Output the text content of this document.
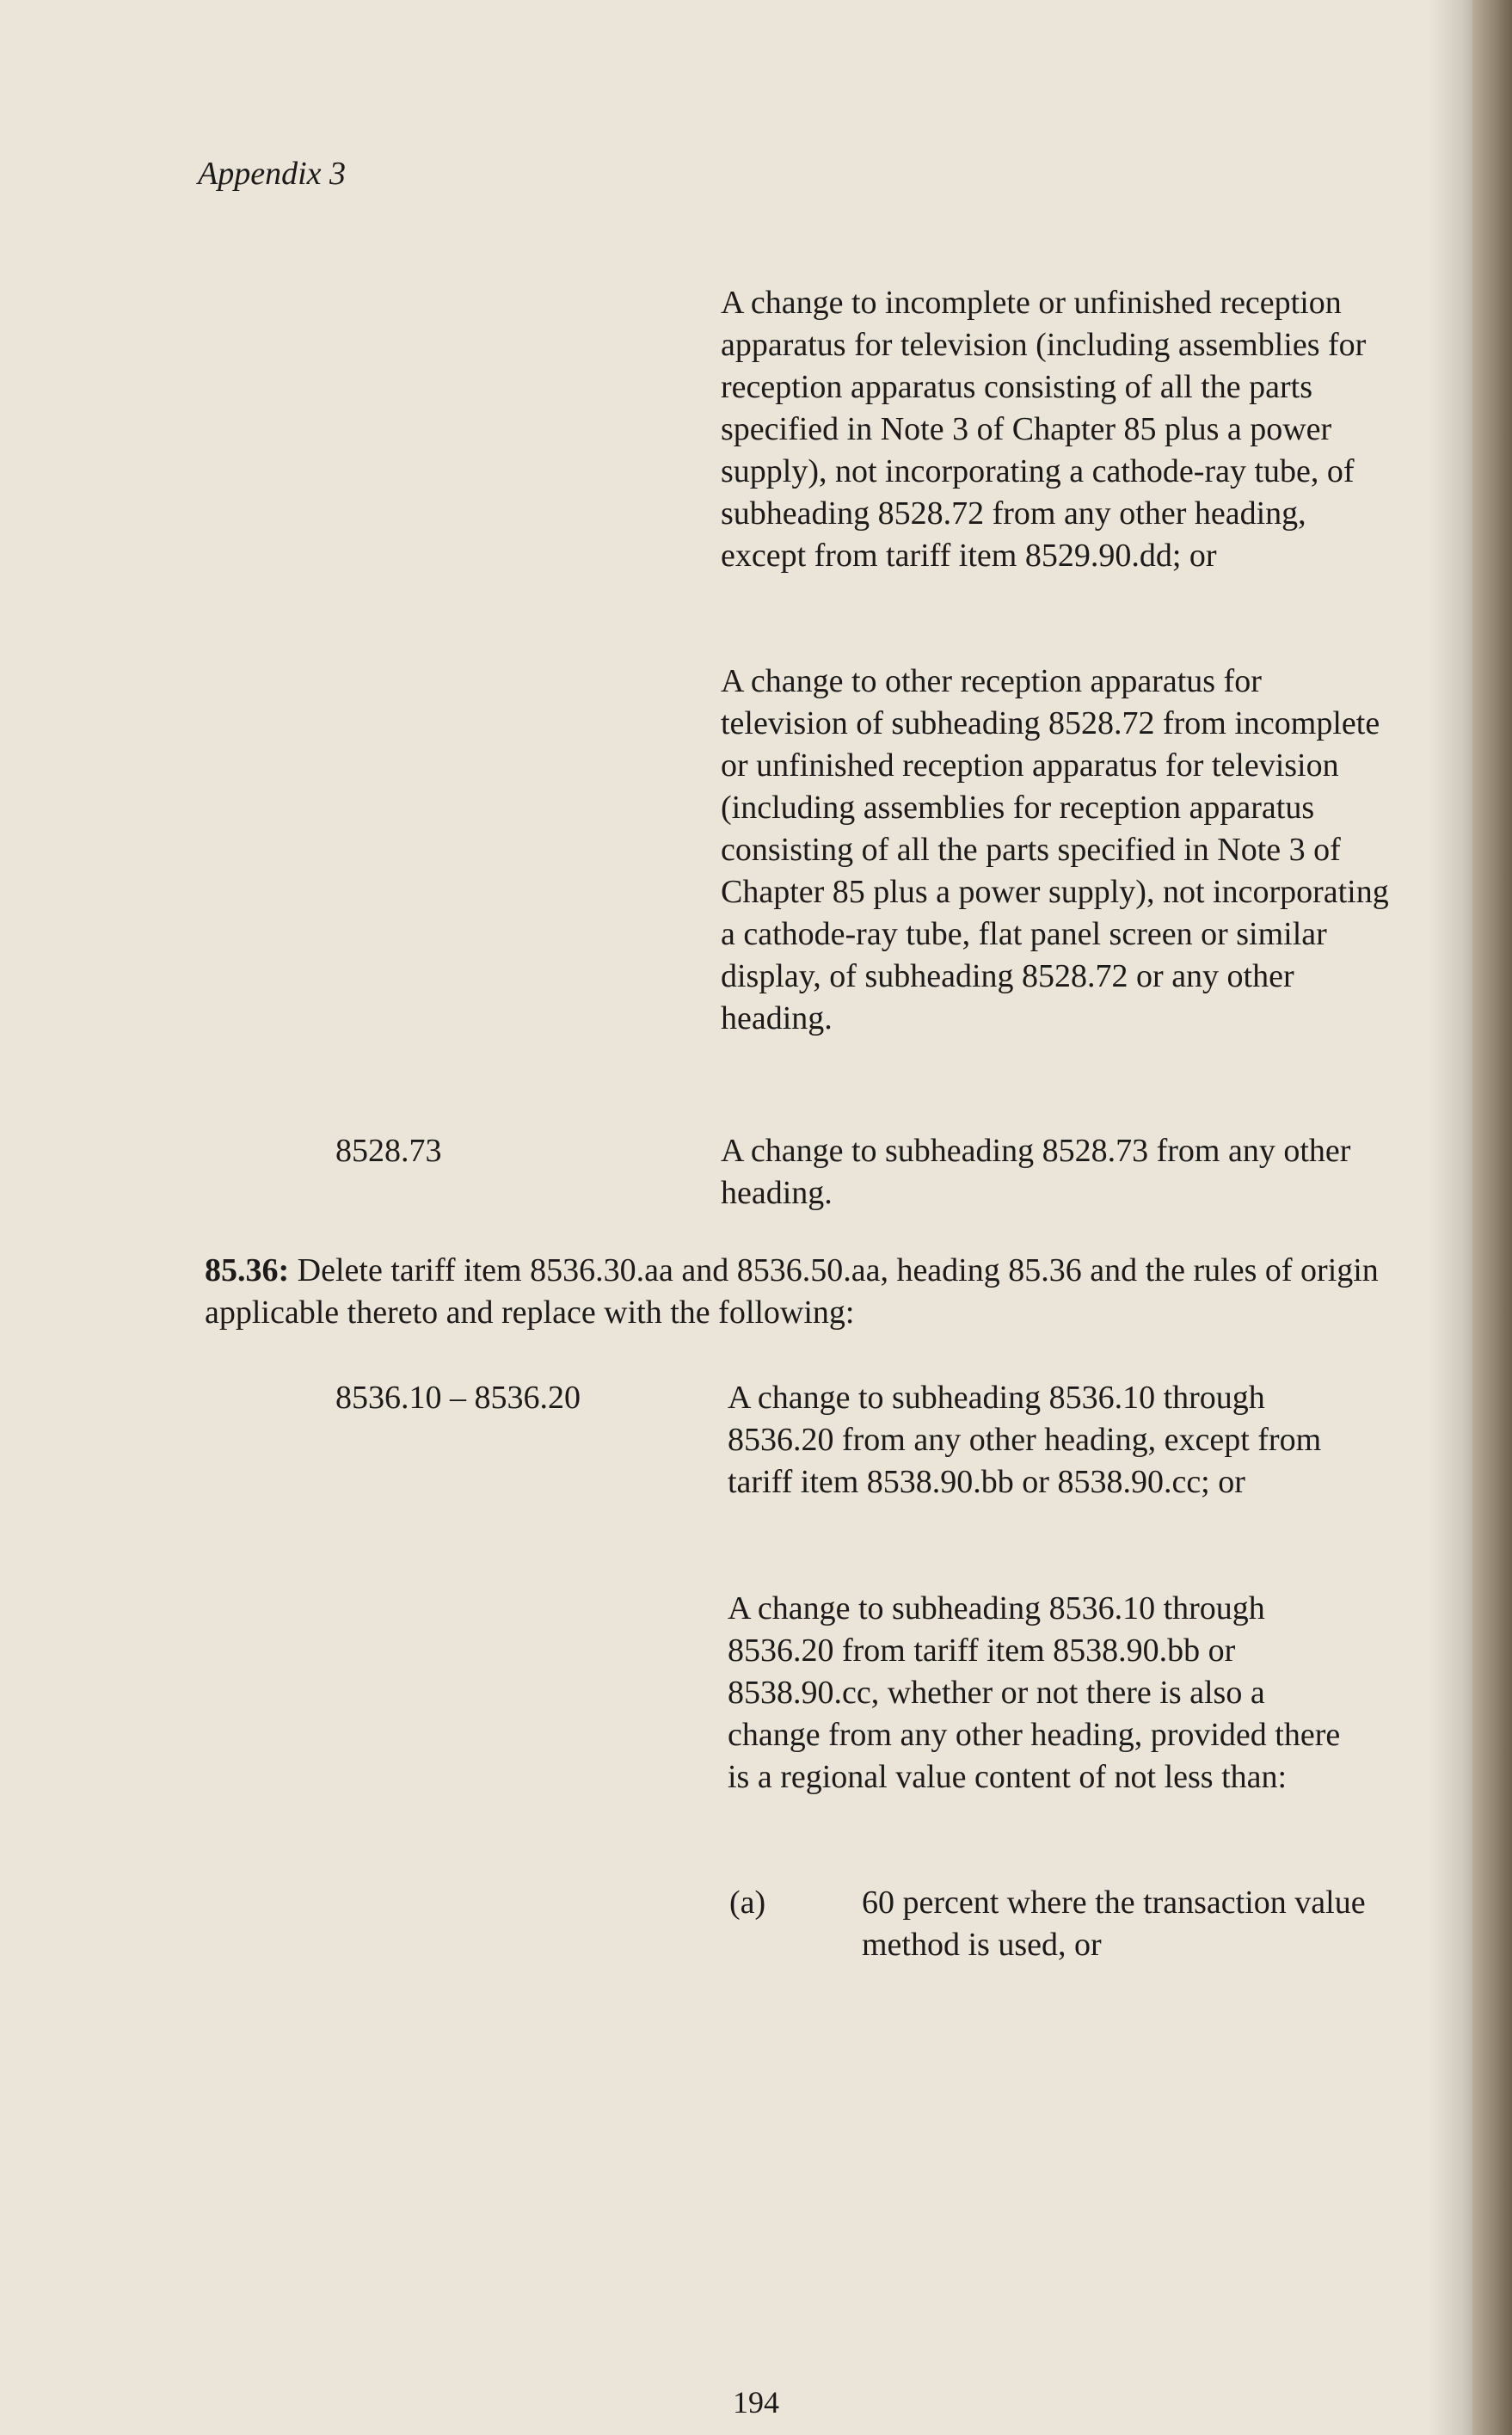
Appendix 3

A change to incomplete or unfinished reception apparatus for television (including assemblies for reception apparatus consisting of all the parts specified in Note 3 of Chapter 85 plus a power supply), not incorporating a cathode-ray tube, of subheading 8528.72 from any other heading, except from tariff item 8529.90.dd; or

A change to other reception apparatus for television of subheading 8528.72 from incomplete or unfinished reception apparatus for television (including assemblies for reception apparatus consisting of all the parts specified in Note 3 of Chapter 85 plus a power supply), not incorporating a cathode-ray tube, flat panel screen or similar display, of subheading 8528.72 or any other heading.

8528.73	A change to subheading 8528.73 from any other heading.

85.36: Delete tariff item 8536.30.aa and 8536.50.aa, heading 85.36 and the rules of origin applicable thereto and replace with the following:

8536.10 – 8536.20	A change to subheading 8536.10 through 8536.20 from any other heading, except from tariff item 8538.90.bb or 8538.90.cc; or

A change to subheading 8536.10 through 8536.20 from tariff item 8538.90.bb or 8538.90.cc, whether or not there is also a change from any other heading, provided there is a regional value content of not less than:

(a)	60 percent where the transaction value method is used, or

194
